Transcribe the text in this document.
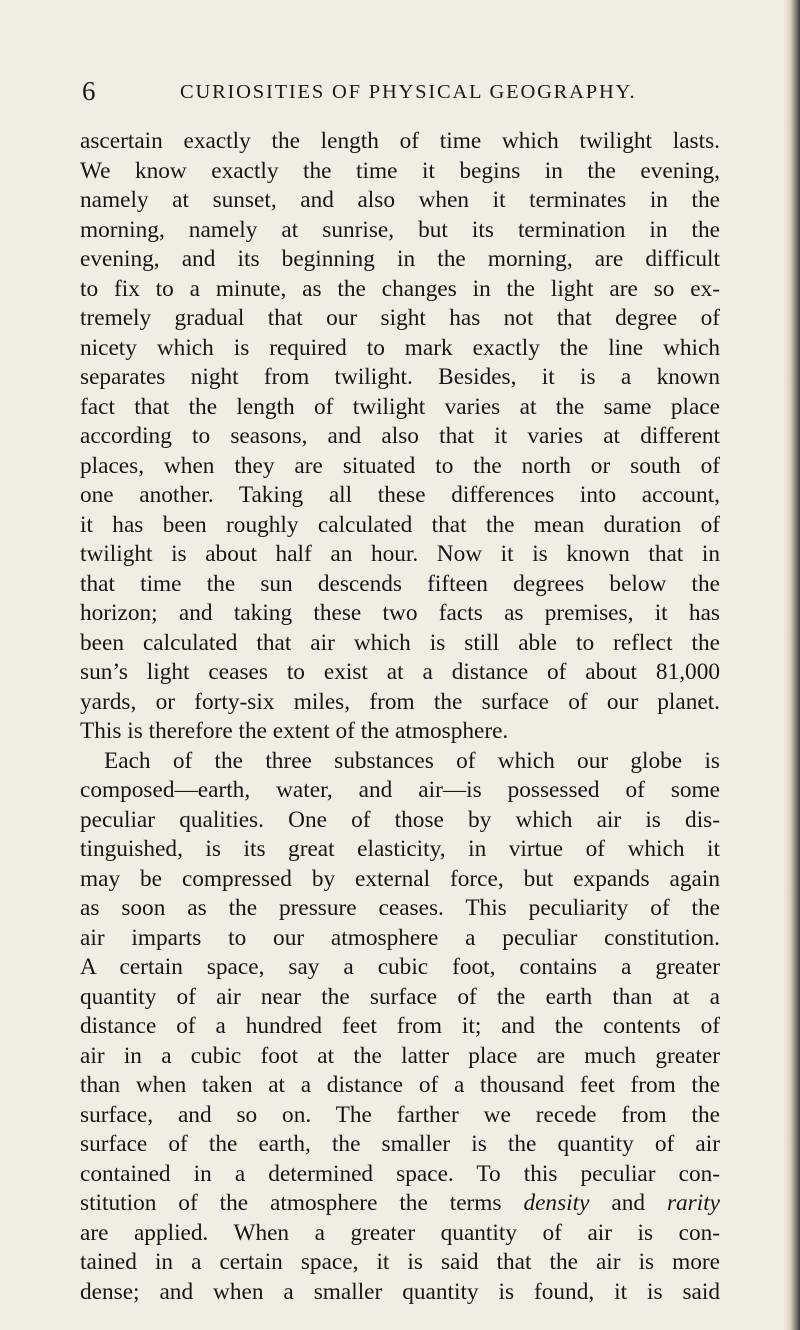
6	CURIOSITIES OF PHYSICAL GEOGRAPHY.
ascertain exactly the length of time which twilight lasts.
We know exactly the time it begins in the evening,
namely at sunset, and also when it terminates in the
morning, namely at sunrise, but its termination in the
evening, and its beginning in the morning, are difficult
to fix to a minute, as the changes in the light are so ex-
tremely gradual that our sight has not that degree of
nicety which is required to mark exactly the line which
separates night from twilight. Besides, it is a known
fact that the length of twilight varies at the same place
according to seasons, and also that it varies at different
places, when they are situated to the north or south of
one another. Taking all these differences into account,
it has been roughly calculated that the mean duration of
twilight is about half an hour. Now it is known that in
that time the sun descends fifteen degrees below the
horizon; and taking these two facts as premises, it has
been calculated that air which is still able to reflect the
sun’s light ceases to exist at a distance of about 81,000
yards, or forty-six miles, from the surface of our planet.
This is therefore the extent of the atmosphere.
Each of the three substances of which our globe is
composed—earth, water, and air—is possessed of some
peculiar qualities. One of those by which air is dis-
tinguished, is its great elasticity, in virtue of which it
may be compressed by external force, but expands again
as soon as the pressure ceases. This peculiarity of the
air imparts to our atmosphere a peculiar constitution.
A certain space, say a cubic foot, contains a greater
quantity of air near the surface of the earth than at a
distance of a hundred feet from it; and the contents of
air in a cubic foot at the latter place are much greater
than when taken at a distance of a thousand feet from the
surface, and so on. The farther we recede from the
surface of the earth, the smaller is the quantity of air
contained in a determined space. To this peculiar con-
stitution of the atmosphere the terms density and rarity
are applied. When a greater quantity of air is con-
tained in a certain space, it is said that the air is more
dense; and when a smaller quantity is found, it is said
